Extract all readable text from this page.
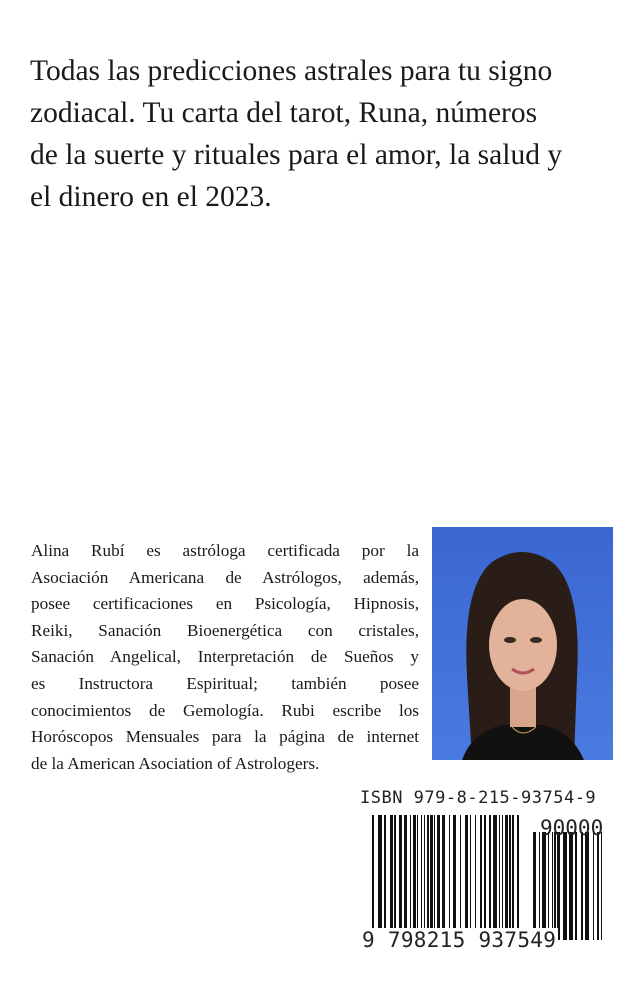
Todas las predicciones astrales para tu signo
zodiacal. Tu carta del tarot, Runa, números
de la suerte y rituales para el amor, la salud y
el dinero en el 2023.
Alina Rubí es astróloga certificada por la
Asociación Americana de Astrólogos, además,
posee certificaciones en Psicología, Hipnosis,
Reiki, Sanación Bioenergética con cristales,
Sanación Angelical, Interpretación de Sueños y
es Instructora Espiritual; también posee
conocimientos de Gemología. Rubi escribe los
Horóscopos Mensuales para la página de internet
de la American Asociation of Astrologers.
ISBN 979-8-215-93754-9
90000
9 798215 937549
